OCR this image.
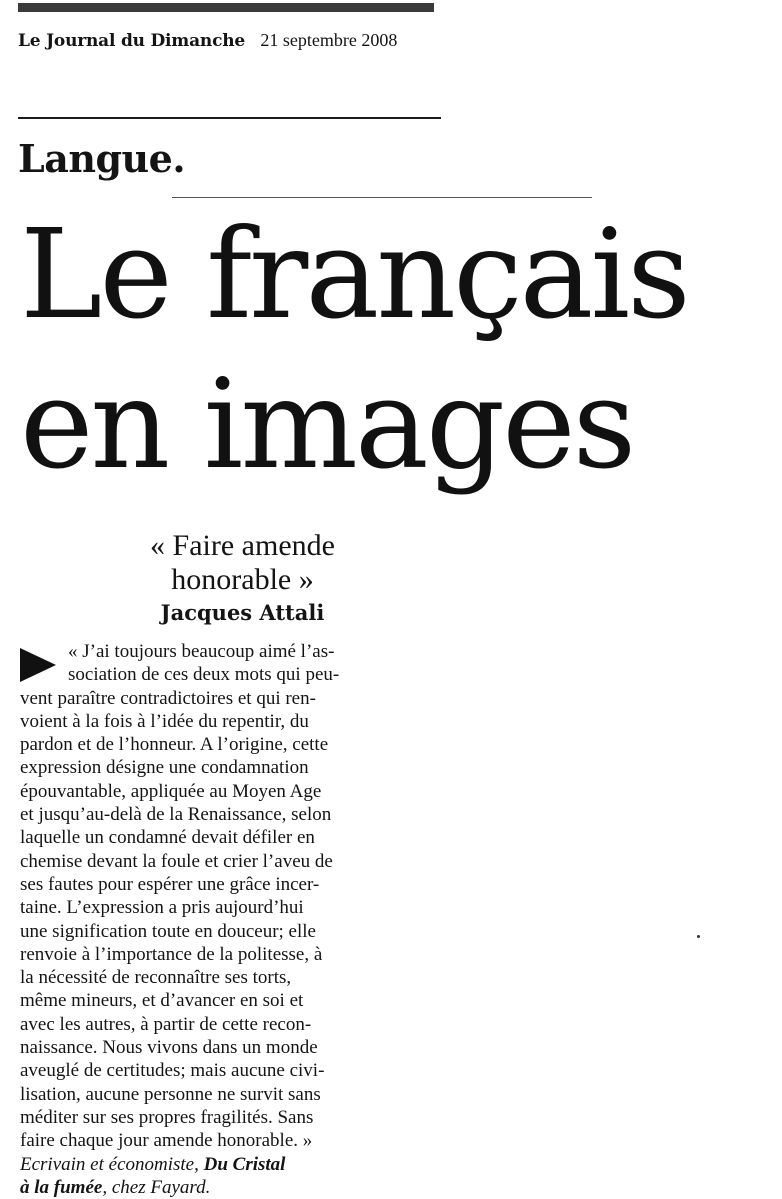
Le Journal du Dimanche 21 septembre 2008
Langue.
Le français
en images
« Faire amende
honorable »
Jacques Attali
« J’ai toujours beaucoup aimé l’as-
sociation de ces deux mots qui peu-
vent paraître contradictoires et qui ren-
voient à la fois à l’idée du repentir, du
pardon et de l’honneur. A l’origine, cette
expression désigne une condamnation
épouvantable, appliquée au Moyen Age
et jusqu’au-delà de la Renaissance, selon
laquelle un condamné devait défiler en
chemise devant la foule et crier l’aveu de
ses fautes pour espérer une grâce incer-
taine. L’expression a pris aujourd’hui
une signification toute en douceur; elle
renvoie à l’importance de la politesse, à
la nécessité de reconnaître ses torts,
même mineurs, et d’avancer en soi et
avec les autres, à partir de cette recon-
naissance. Nous vivons dans un monde
aveuglé de certitudes; mais aucune civi-
lisation, aucune personne ne survit sans
méditer sur ses propres fragilités. Sans
faire chaque jour amende honorable. »
Ecrivain et économiste, Du Cristal
à la fumée, chez Fayard.
